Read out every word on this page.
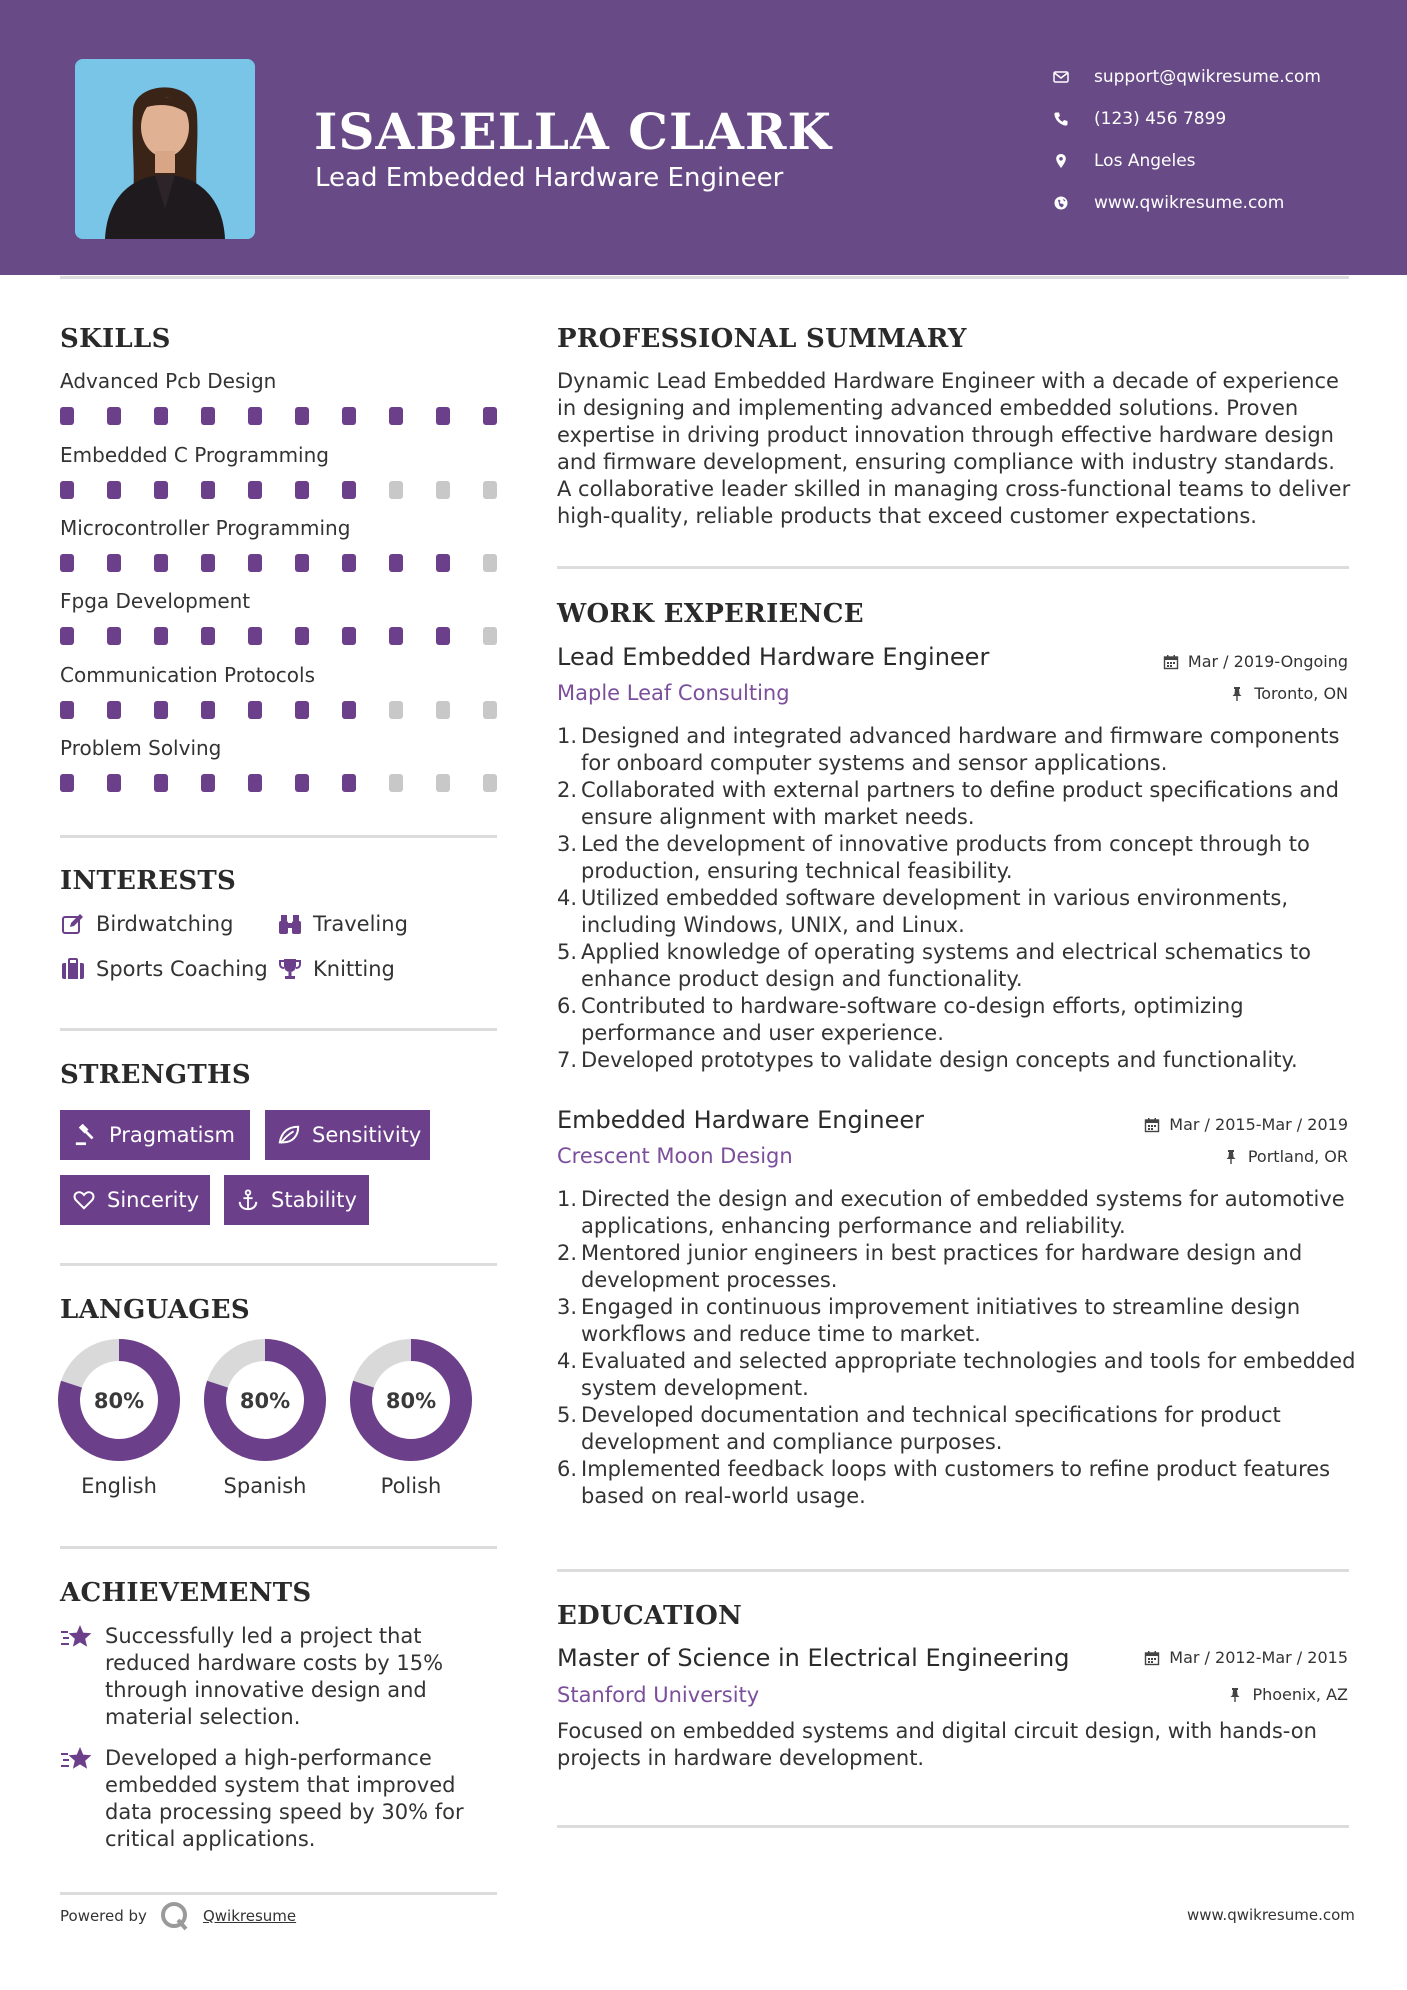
ISABELLA CLARK
Lead Embedded Hardware Engineer
support@qwikresume.com
(123) 456 7899
Los Angeles
www.qwikresume.com
SKILLS
Advanced Pcb Design
Embedded C Programming
Microcontroller Programming
Fpga Development
Communication Protocols
Problem Solving
INTERESTS
Birdwatching	Traveling
Sports Coaching Knitting
STRENGTHS
Pragmatism	Sensitivity
Sincerity	Stability
LANGUAGES
80%
English
80%
Spanish
80%
Polish
ACHIEVEMENTS
Successfully led a project that reduced hardware costs by 15% through innovative design and material selection.
Developed a high-performance embedded system that improved data processing speed by 30% for critical applications.
Powered by	Qwikresume	www.qwikresume.com
PROFESSIONAL SUMMARY
Dynamic Lead Embedded Hardware Engineer with a decade of experience in designing and implementing advanced embedded solutions. Proven expertise in driving product innovation through effective hardware design and firmware development, ensuring compliance with industry standards. A collaborative leader skilled in managing cross-functional teams to deliver high-quality, reliable products that exceed customer expectations.
WORK EXPERIENCE
Lead Embedded Hardware Engineer
Maple Leaf Consulting
Mar / 2019-Ongoing
Toronto, ON
1. Designed and integrated advanced hardware and firmware components for onboard computer systems and sensor applications.
2. Collaborated with external partners to define product specifications and ensure alignment with market needs.
3. Led the development of innovative products from concept through to production, ensuring technical feasibility.
4. Utilized embedded software development in various environments, including Windows, UNIX, and Linux.
5. Applied knowledge of operating systems and electrical schematics to enhance product design and functionality.
6. Contributed to hardware-software co-design efforts, optimizing performance and user experience.
7. Developed prototypes to validate design concepts and functionality.
Embedded Hardware Engineer
Crescent Moon Design
Mar / 2015-Mar / 2019
Portland, OR
1. Directed the design and execution of embedded systems for automotive applications, enhancing performance and reliability.
2. Mentored junior engineers in best practices for hardware design and development processes.
3. Engaged in continuous improvement initiatives to streamline design workflows and reduce time to market.
4. Evaluated and selected appropriate technologies and tools for embedded system development.
5. Developed documentation and technical specifications for product development and compliance purposes.
6. Implemented feedback loops with customers to refine product features based on real-world usage.
EDUCATION
Master of Science in Electrical Engineering
Stanford University
Mar / 2012-Mar / 2015
Phoenix, AZ
Focused on embedded systems and digital circuit design, with hands-on projects in hardware development.
